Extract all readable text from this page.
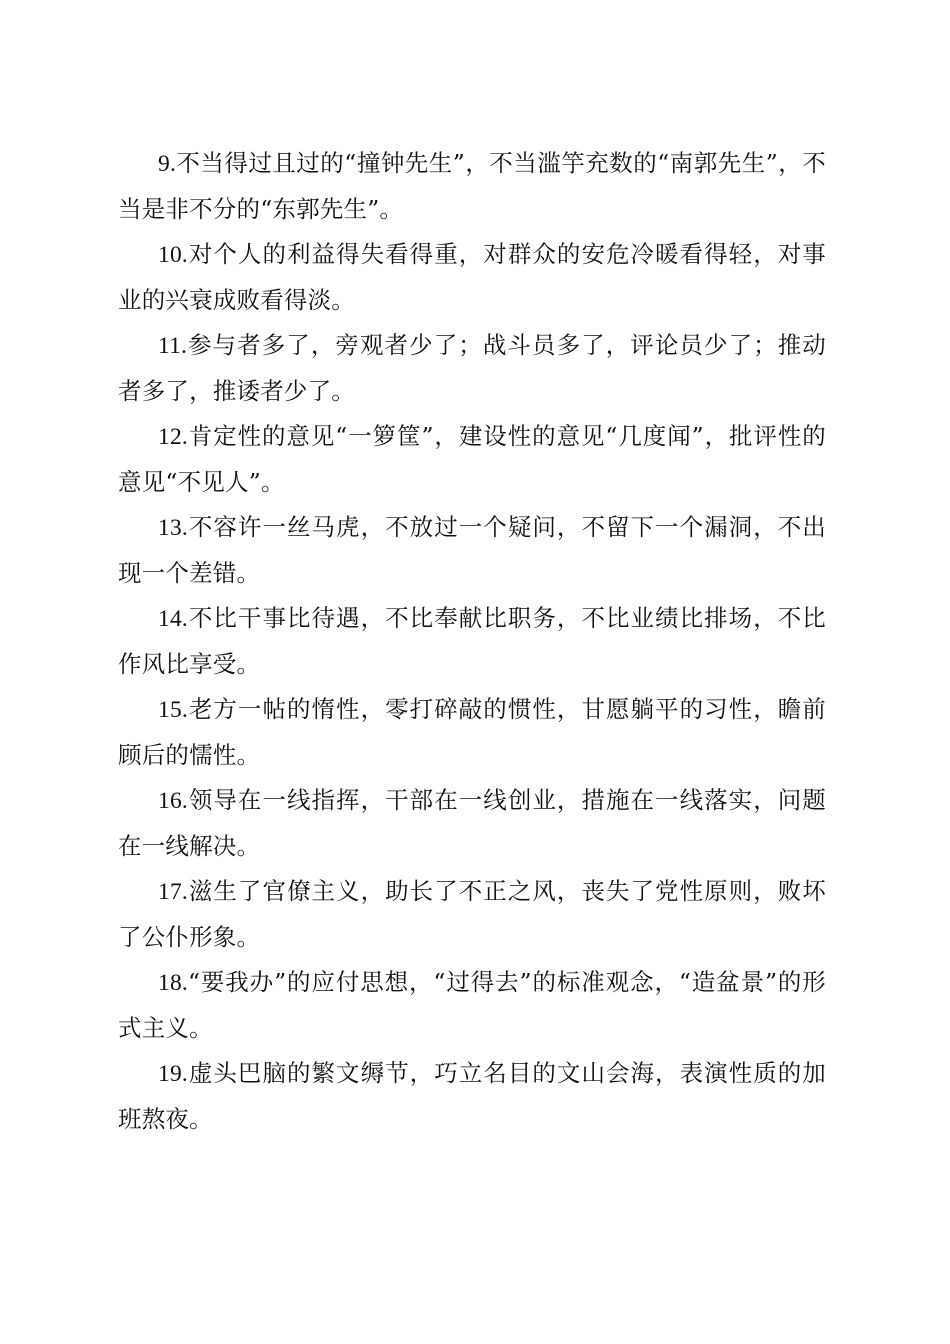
9.不当得过且过的“撞钟先生”，不当滥竽充数的“南郭先生”，不当是非不分的“东郭先生”。

10.对个人的利益得失看得重，对群众的安危冷暖看得轻，对事业的兴衰成败看得淡。

11.参与者多了，旁观者少了；战斗员多了，评论员少了；推动者多了，推诿者少了。

12.肯定性的意见“一箩筐”，建设性的意见“几度闻”，批评性的意见“不见人”。

13.不容许一丝马虎，不放过一个疑问，不留下一个漏洞，不出现一个差错。

14.不比干事比待遇，不比奉献比职务，不比业绩比排场，不比作风比享受。

15.老方一帖的惰性，零打碎敲的惯性，甘愿躺平的习性，瞻前顾后的懦性。

16.领导在一线指挥，干部在一线创业，措施在一线落实，问题在一线解决。

17.滋生了官僚主义，助长了不正之风，丧失了党性原则，败坏了公仆形象。

18.“要我办”的应付思想，“过得去”的标准观念，“造盆景”的形式主义。

19.虚头巴脑的繁文缛节，巧立名目的文山会海，表演性质的加班熬夜。
